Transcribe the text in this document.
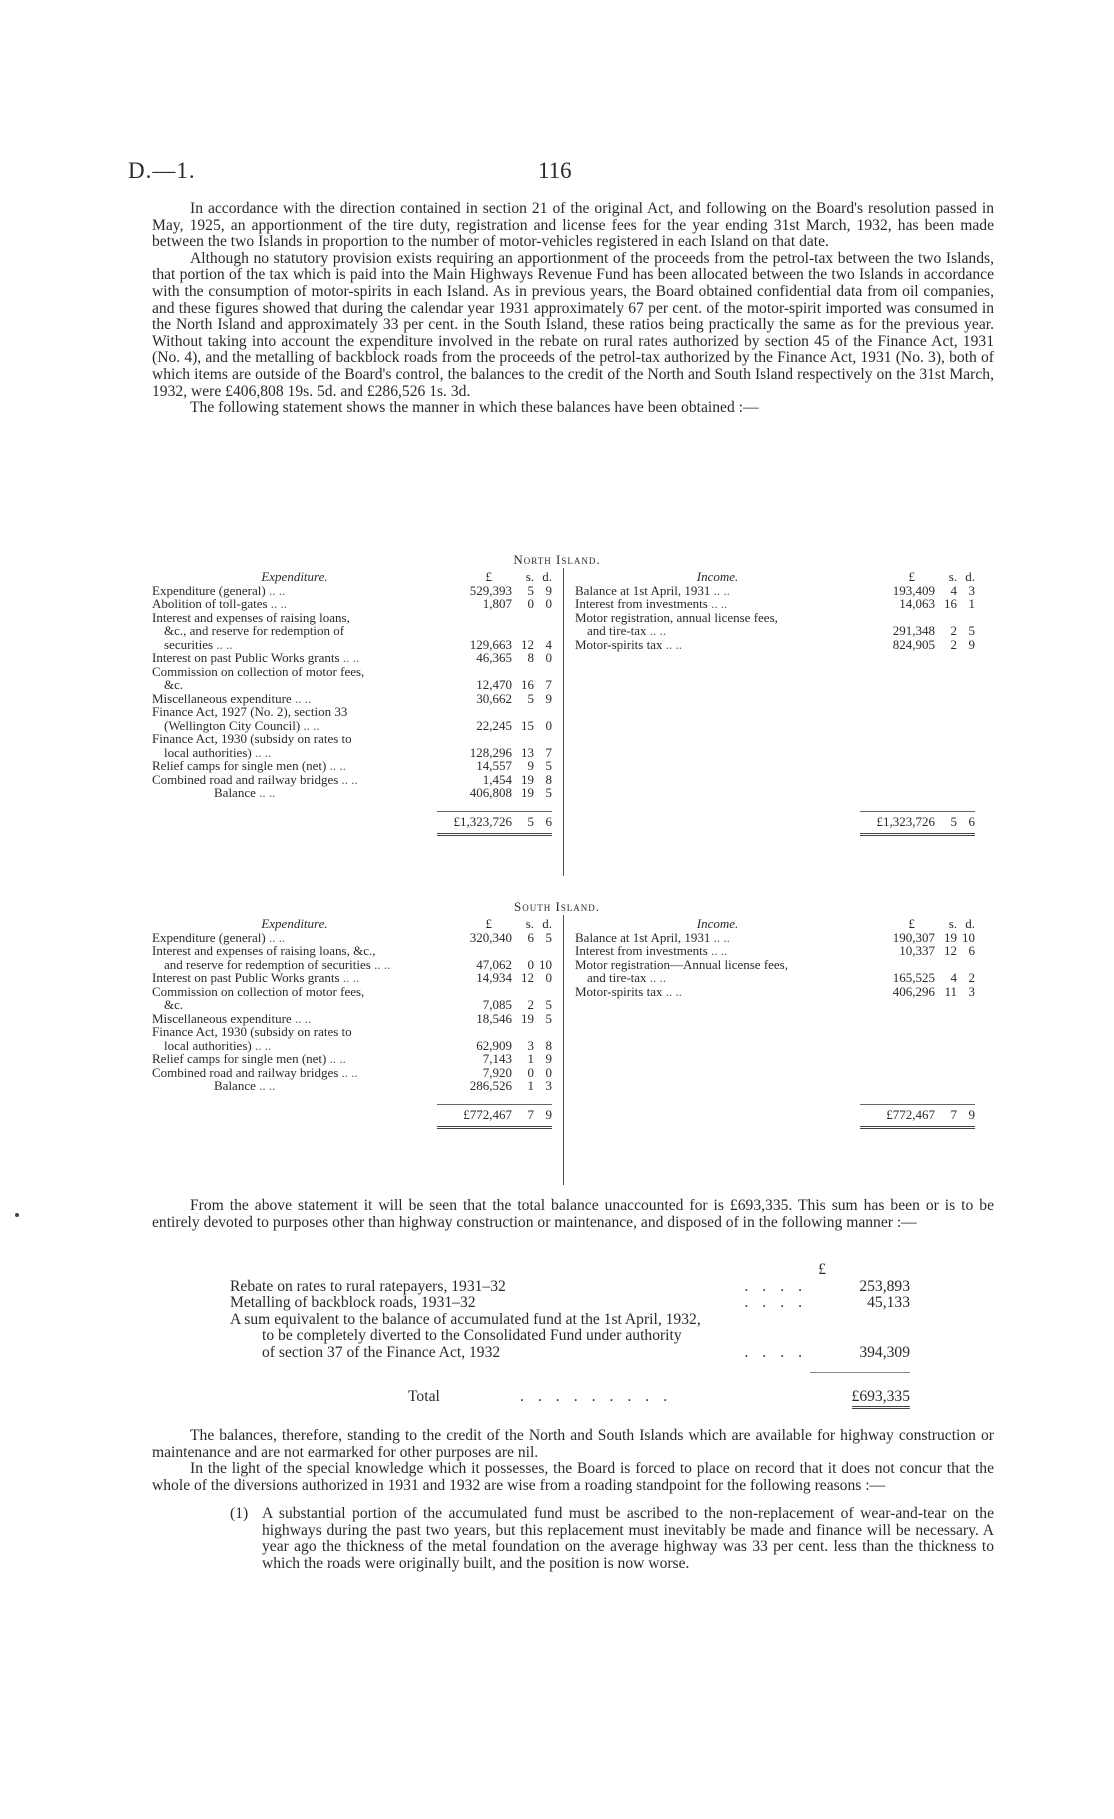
D.—1.	116

In accordance with the direction contained in section 21 of the original Act, and following on the Board's resolution passed in May, 1925, an apportionment of the tire duty, registration and license fees for the year ending 31st March, 1932, has been made between the two Islands in proportion to the number of motor-vehicles registered in each Island on that date.

Although no statutory provision exists requiring an apportionment of the proceeds from the petrol-tax between the two Islands, that portion of the tax which is paid into the Main Highways Revenue Fund has been allocated between the two Islands in accordance with the consumption of motor-spirits in each Island. As in previous years, the Board obtained confidential data from oil companies, and these figures showed that during the calendar year 1931 approximately 67 per cent. of the motor-spirit imported was consumed in the North Island and approximately 33 per cent. in the South Island, these ratios being practically the same as for the previous year. Without taking into account the expenditure involved in the rebate on rural rates authorized by section 45 of the Finance Act, 1931 (No. 4), and the metalling of backblock roads from the proceeds of the petrol-tax authorized by the Finance Act, 1931 (No. 3), both of which items are outside of the Board's control, the balances to the credit of the North and South Island respectively on the 31st March, 1932, were £406,808 19s. 5d. and £286,526 1s. 3d.

The following statement shows the manner in which these balances have been obtained :—

North Island.
Expenditure.	£	s.	d.
Expenditure (general) .. ..	529,393	5	9
Abolition of toll-gates .. ..	1,807	0	0
Interest and expenses of raising loans,			
&c., and reserve for redemption of			
securities .. ..	129,663	12	4
Interest on past Public Works grants .. ..	46,365	8	0
Commission on collection of motor fees,			
&c.	12,470	16	7
Miscellaneous expenditure .. ..	30,662	5	9
Finance Act, 1927 (No. 2), section 33			
(Wellington City Council) .. ..	22,245	15	0
Finance Act, 1930 (subsidy on rates to			
local authorities) .. ..	128,296	13	7
Relief camps for single men (net) .. ..	14,557	9	5
Combined road and railway bridges .. ..	1,454	19	8
Balance .. ..	406,808	19	5

	£1,323,726	5	6

Income.	£	s.	d.
Balance at 1st April, 1931 .. ..	193,409	4	3
Interest from investments .. ..	14,063	16	1
Motor registration, annual license fees,			
and tire-tax .. ..	291,348	2	5
Motor-spirits tax .. ..	824,905	2	9

	£1,323,726	5	6

South Island.
Expenditure.	£	s.	d.
Expenditure (general) .. ..	320,340	6	5
Interest and expenses of raising loans, &c.,			
and reserve for redemption of securities .. ..	47,062	0	10
Interest on past Public Works grants .. ..	14,934	12	0
Commission on collection of motor fees,			
&c.	7,085	2	5
Miscellaneous expenditure .. ..	18,546	19	5
Finance Act, 1930 (subsidy on rates to			
local authorities) .. ..	62,909	3	8
Relief camps for single men (net) .. ..	7,143	1	9
Combined road and railway bridges .. ..	7,920	0	0
Balance .. ..	286,526	1	3

	£772,467	7	9

Income.	£	s.	d.
Balance at 1st April, 1931 .. ..	190,307	19	10
Interest from investments .. ..	10,337	12	6
Motor registration—Annual license fees,			
and tire-tax .. ..	165,525	4	2
Motor-spirits tax .. ..	406,296	11	3

	£772,467	7	9

From the above statement it will be seen that the total balance unaccounted for is £693,335. This sum has been or is to be entirely devoted to purposes other than highway construction or maintenance, and disposed of in the following manner :—

£
Rebate on rates to rural ratepayers, 1931–32	....	253,893
Metalling of backblock roads, 1931–32	....	45,133
A sum equivalent to the balance of accumulated fund at the 1st April, 1932,
to be completely diverted to the Consolidated Fund under authority
of section 37 of the Finance Act, 1932	....	394,309
Total	.........	£693,335

The balances, therefore, standing to the credit of the North and South Islands which are available for highway construction or maintenance and are not earmarked for other purposes are nil.

In the light of the special knowledge which it possesses, the Board is forced to place on record that it does not concur that the whole of the diversions authorized in 1931 and 1932 are wise from a roading standpoint for the following reasons :—

(1) A substantial portion of the accumulated fund must be ascribed to the non-replacement of wear-and-tear on the highways during the past two years, but this replacement must inevitably be made and finance will be necessary. A year ago the thickness of the metal foundation on the average highway was 33 per cent. less than the thickness to which the roads were originally built, and the position is now worse.
